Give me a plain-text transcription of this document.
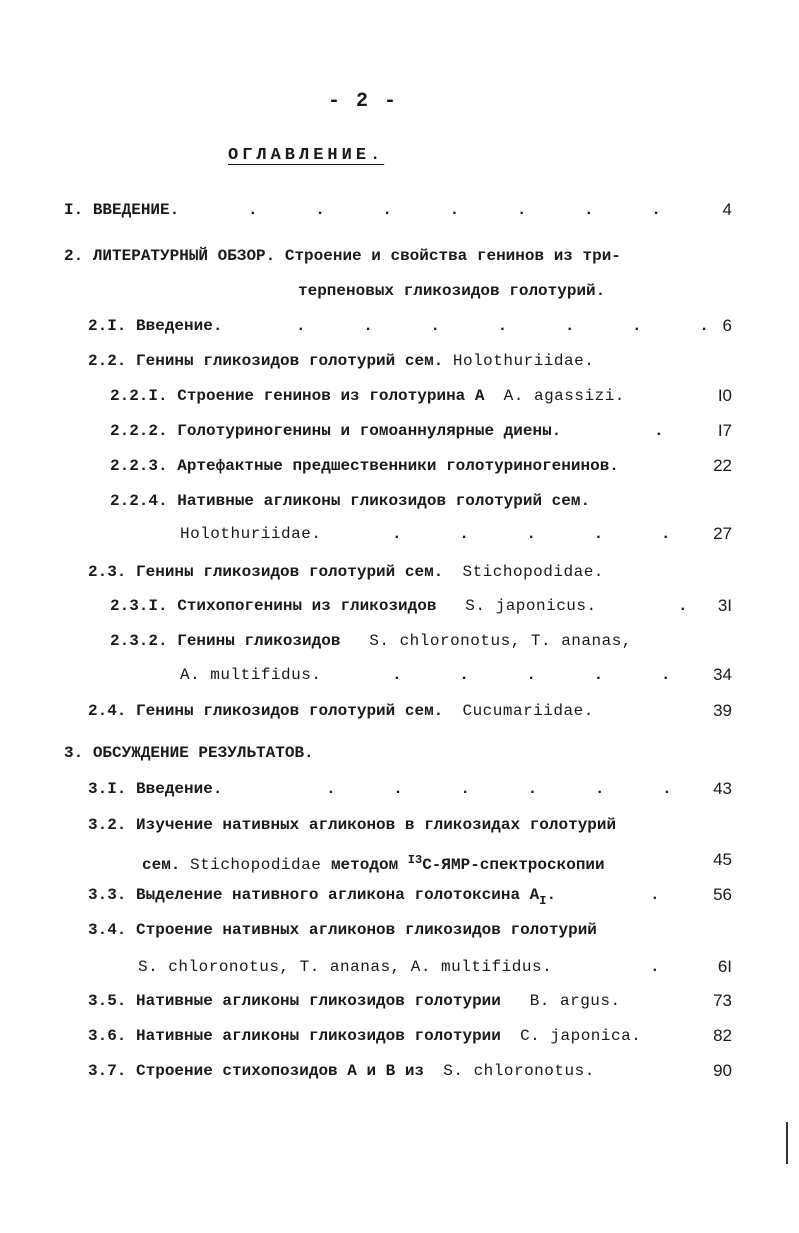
- 2 -
ОГЛАВЛЕНИЕ.
I. ВВЕДЕНИЕ.	.      .      .      .      .      .      .	4
2. ЛИТЕРАТУРНЫЙ ОБЗОР. Строение и свойства генинов из три-
терпеновых гликозидов голотурий.
2.I. Введение.	.      .      .      .      .      .      . 6
2.2. Генины гликозидов голотурий сем. Holothuriidae.
2.2.I. Строение генинов из голотурина А A. agassizi.	I0
2.2.2. Голотуриногенины и гомоаннулярные диены.	.	I7
2.2.3. Артефактные предшественники голотуриногенинов.	22
2.2.4. Нативные агликоны гликозидов голотурий сем.
Holothuriidae.	.      .      .      .      .	27
2.3. Генины гликозидов голотурий сем. Stichopodidae.
2.3.I. Стихопогенины из гликозидов S. japonicus.	. 3I
2.3.2. Генины гликозидов S. chloronotus, T. ananas,
A. multifidus.	.      .      .      .      .	34
2.4. Генины гликозидов голотурий сем. Cucumariidae.	39
3. ОБСУЖДЕНИЕ РЕЗУЛЬТАТОВ.
3.I. Введение.	.      .      .      .      .      . 43
3.2. Изучение нативных агликонов в гликозидах голотурий
сем. Stichopodidae методом $^{I3}$С-ЯМР-спектроскопии	45
3.3. Выделение нативного агликона голотоксина $А_I$.	.	56
3.4. Строение нативных агликонов гликозидов голотурий
S. chloronotus, T. ananas, A. multifidus.	.	6I
3.5. Нативные агликоны гликозидов голотурии B. argus.	73
3.6. Нативные агликоны гликозидов голотурии C. japonica.	82
3.7. Строение стихопозидов А и В из S. chloronotus.	90
